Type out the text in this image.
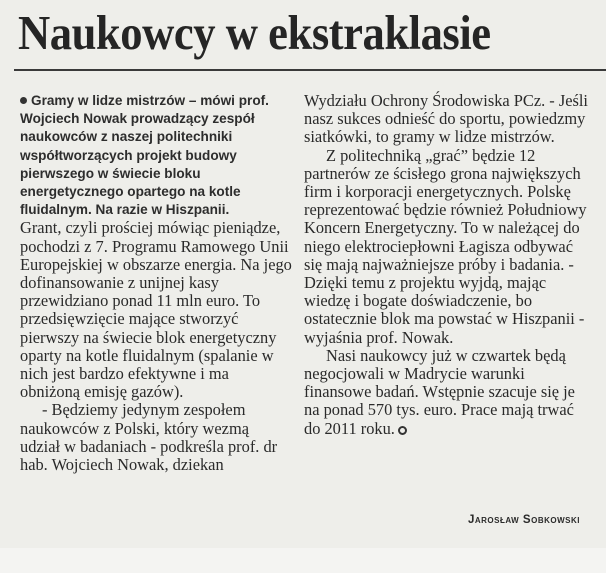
Naukowcy w ekstraklasie

Gramy w lidze mistrzów – mówi prof. Wojciech Nowak prowadzący zespół naukowców z naszej politechniki współtworzących projekt budowy pierwszego w świecie bloku energetycznego opartego na kotle fluidalnym. Na razie w Hiszpanii.

Grant, czyli prościej mówiąc pieniądze, pochodzi z 7. Programu Ramowego Unii Europejskiej w obszarze energia. Na jego dofinansowanie z unijnej kasy przewidziano ponad 11 mln euro. To przedsięwzięcie mające stworzyć pierwszy na świecie blok energetyczny oparty na kotle fluidalnym (spalanie w nich jest bardzo efektywne i ma obniżoną emisję gazów).

- Będziemy jedynym zespołem naukowców z Polski, który wezmą udział w badaniach - podkreśla prof. dr hab. Wojciech Nowak, dziekan

Wydziału Ochrony Środowiska PCz. - Jeśli nasz sukces odnieść do sportu, powiedzmy siatkówki, to gramy w lidze mistrzów.

Z politechniką „grać” będzie 12 partnerów ze ścisłego grona największych firm i korporacji energetycznych. Polskę reprezentować będzie również Południowy Koncern Energetyczny. To w należącej do niego elektrociepłowni Łagisza odbywać się mają najważniejsze próby i badania. - Dzięki temu z projektu wyjdą, mając wiedzę i bogate doświadczenie, bo ostatecznie blok ma powstać w Hiszpanii - wyjaśnia prof. Nowak.

Nasi naukowcy już w czwartek będą negocjowali w Madrycie warunki finansowe badań. Wstępnie szacuje się je na ponad 570 tys. euro. Prace mają trwać do 2011 roku.

Jarosław Sobkowski
